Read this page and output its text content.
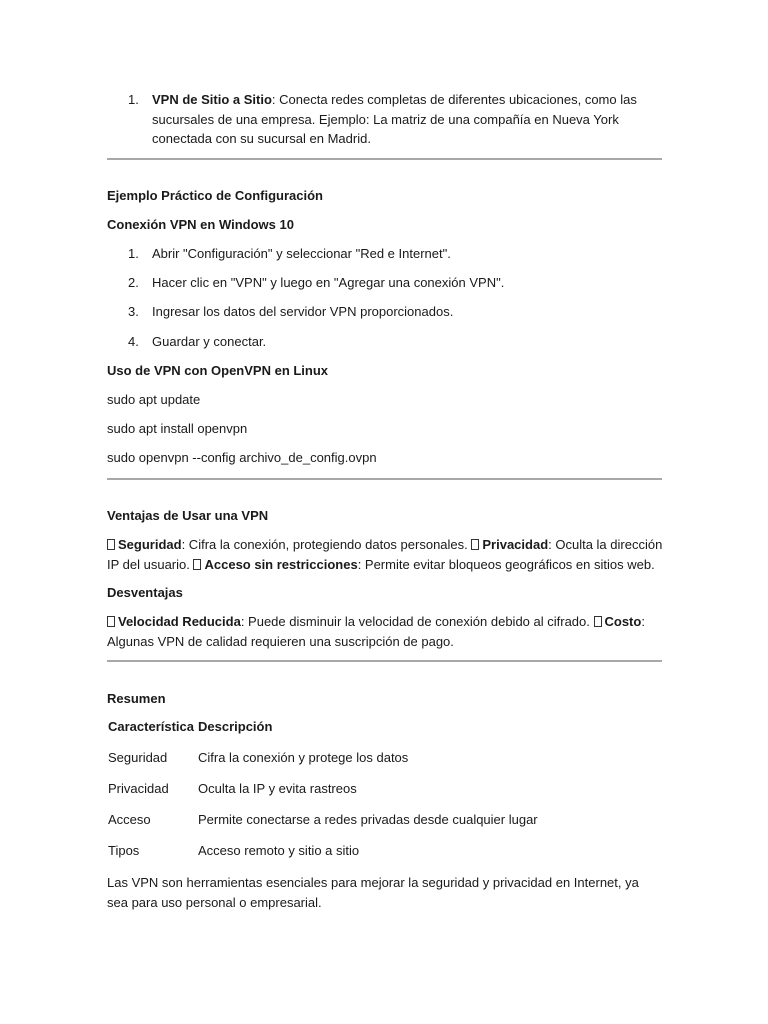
1.	VPN de Sitio a Sitio: Conecta redes completas de diferentes ubicaciones, como las sucursales de una empresa. Ejemplo: La matriz de una compañía en Nueva York conectada con su sucursal en Madrid.
Ejemplo Práctico de Configuración
Conexión VPN en Windows 10
1.	Abrir "Configuración" y seleccionar "Red e Internet".
2.	Hacer clic en "VPN" y luego en "Agregar una conexión VPN".
3.	Ingresar los datos del servidor VPN proporcionados.
4.	Guardar y conectar.
Uso de VPN con OpenVPN en Linux
sudo apt update
sudo apt install openvpn
sudo openvpn --config archivo_de_config.ovpn
Ventajas de Usar una VPN
Seguridad: Cifra la conexión, protegiendo datos personales. Privacidad: Oculta la dirección IP del usuario. Acceso sin restricciones: Permite evitar bloqueos geográficos en sitios web.
Desventajas
Velocidad Reducida: Puede disminuir la velocidad de conexión debido al cifrado. Costo: Algunas VPN de calidad requieren una suscripción de pago.
Resumen
Característica	Descripción
Seguridad	Cifra la conexión y protege los datos
Privacidad	Oculta la IP y evita rastreos
Acceso	Permite conectarse a redes privadas desde cualquier lugar
Tipos	Acceso remoto y sitio a sitio
Las VPN son herramientas esenciales para mejorar la seguridad y privacidad en Internet, ya sea para uso personal o empresarial.
